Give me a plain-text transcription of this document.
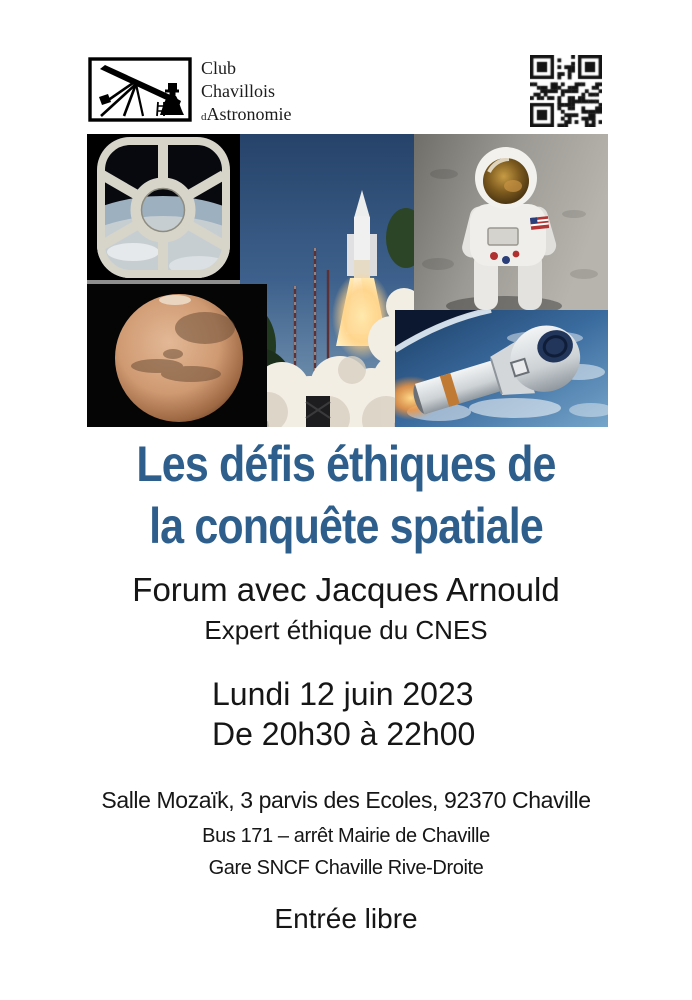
Club
Chavillois
dAstronomie
Les défis éthiques de
la conquête spatiale
Forum avec Jacques Arnould
Expert éthique du CNES
Lundi 12 juin 2023
De 20h30 à 22h00
Salle Mozaïk, 3 parvis des Ecoles, 92370 Chaville
Bus 171 – arrêt Mairie de Chaville
Gare SNCF Chaville Rive-Droite
Entrée libre
